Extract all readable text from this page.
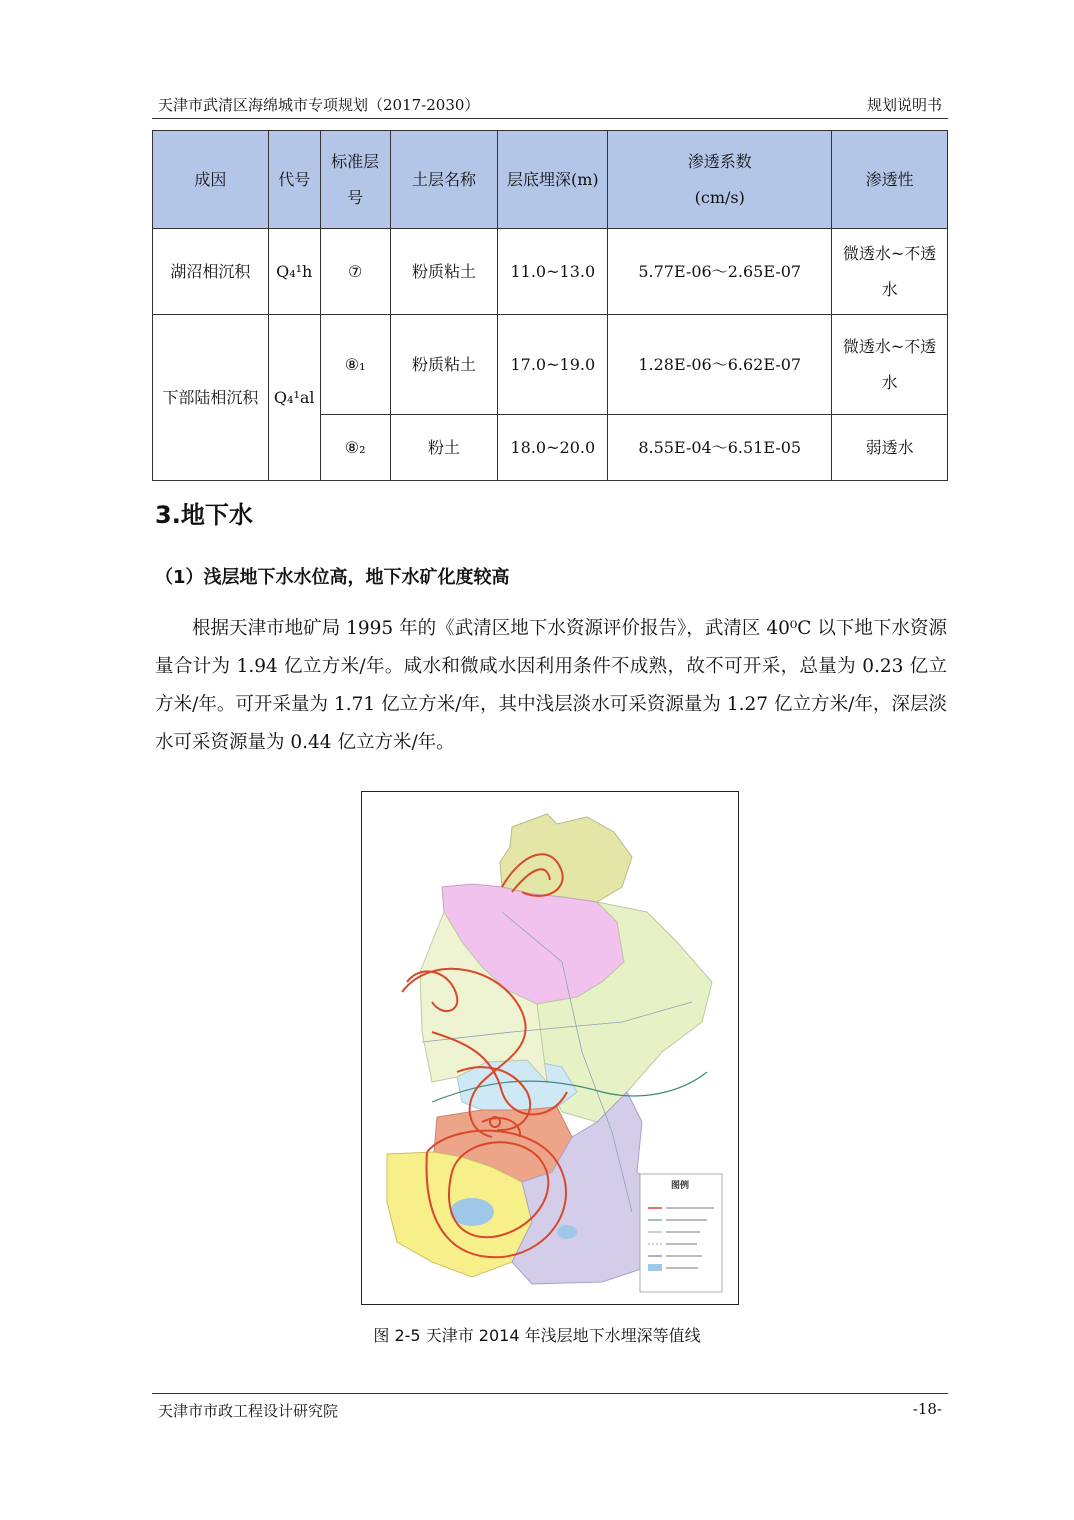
天津市武清区海绵城市专项规划（2017-2030）	规划说明书
成因	代号	标准层号	土层名称	层底埋深(m)	渗透系数(cm/s)	渗透性
湖沼相沉积	Q₄¹h	⑦	粉质粘土	11.0~13.0	5.77E-06～2.65E-07	微透水~不透水
下部陆相沉积	Q₄¹al	⑧₁	粉质粘土	17.0~19.0	1.28E-06～6.62E-07	微透水~不透水
		⑧₂	粉土	18.0~20.0	8.55E-04～6.51E-05	弱透水
3.地下水
（1）浅层地下水水位高，地下水矿化度较高
根据天津市地矿局 1995 年的《武清区地下水资源评价报告》，武清区 40⁰C 以下地下水资源量合计为 1.94 亿立方米/年。咸水和微咸水因利用条件不成熟，故不可开采，总量为 0.23 亿立方米/年。可开采量为 1.71 亿立方米/年，其中浅层淡水可采资源量为 1.27 亿立方米/年，深层淡水可采资源量为 0.44 亿立方米/年。
图例
图 2-5 天津市 2014 年浅层地下水埋深等值线
天津市市政工程设计研究院	-18-
